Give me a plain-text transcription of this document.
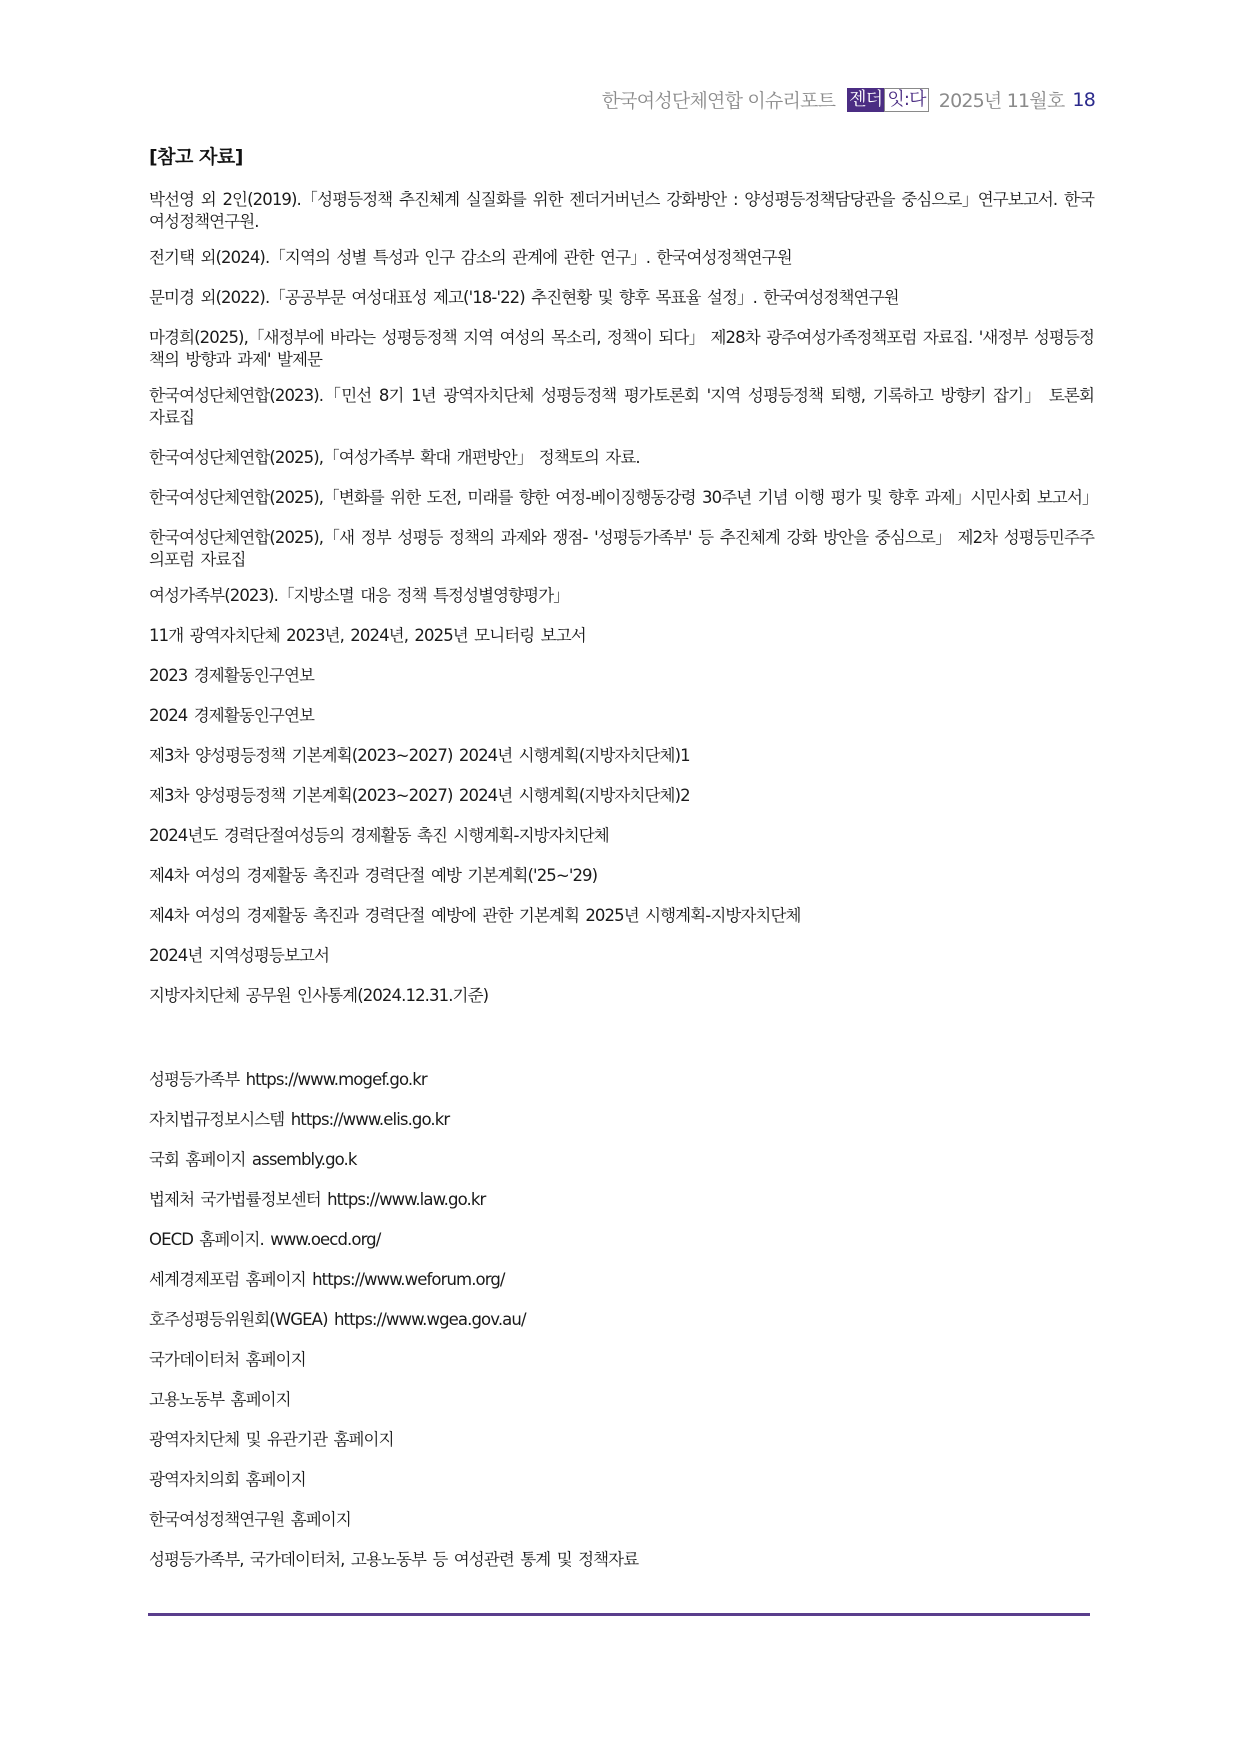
한국여성단체연합 이슈리포트 젠더 잇:다 2025년 11월호 18
[참고 자료]
박선영 외 2인(2019).「성평등정책 추진체계 실질화를 위한 젠더거버넌스 강화방안 : 양성평등정책담당관을 중심으로」연구보고서. 한국여성정책연구원.
전기택 외(2024).「지역의 성별 특성과 인구 감소의 관계에 관한 연구」. 한국여성정책연구원
문미경 외(2022).「공공부문 여성대표성 제고('18-'22) 추진현황 및 향후 목표율 설정」. 한국여성정책연구원
마경희(2025),「새정부에 바라는 성평등정책 지역 여성의 목소리, 정책이 되다」 제28차 광주여성가족정책포럼 자료집. '새정부 성평등정책의 방향과 과제' 발제문
한국여성단체연합(2023).「민선 8기 1년 광역자치단체 성평등정책 평가토론회 '지역 성평등정책 퇴행, 기록하고 방향키 잡기」 토론회 자료집
한국여성단체연합(2025),「여성가족부 확대 개편방안」 정책토의 자료.
한국여성단체연합(2025),「변화를 위한 도전, 미래를 향한 여정-베이징행동강령 30주년 기념 이행 평가 및 향후 과제」시민사회 보고서」
한국여성단체연합(2025),「새 정부 성평등 정책의 과제와 쟁점- '성평등가족부' 등 추진체계 강화 방안을 중심으로」 제2차 성평등민주주의포럼 자료집
여성가족부(2023).「지방소멸 대응 정책 특정성별영향평가」
11개 광역자치단체 2023년, 2024년, 2025년 모니터링 보고서
2023 경제활동인구연보
2024 경제활동인구연보
제3차 양성평등정책 기본계획(2023~2027) 2024년 시행계획(지방자치단체)1
제3차 양성평등정책 기본계획(2023~2027) 2024년 시행계획(지방자치단체)2
2024년도 경력단절여성등의 경제활동 촉진 시행계획-지방자치단체
제4차 여성의 경제활동 촉진과 경력단절 예방 기본계획('25~'29)
제4차 여성의 경제활동 촉진과 경력단절 예방에 관한 기본계획 2025년 시행계획-지방자치단체
2024년 지역성평등보고서
지방자치단체 공무원 인사통계(2024.12.31.기준)
성평등가족부 https://www.mogef.go.kr
자치법규정보시스템 https://www.elis.go.kr
국회 홈페이지 assembly.go.k
법제처 국가법률정보센터 https://www.law.go.kr
OECD 홈페이지. www.oecd.org/
세계경제포럼 홈페이지 https://www.weforum.org/
호주성평등위원회(WGEA) https://www.wgea.gov.au/
국가데이터처 홈페이지
고용노동부 홈페이지
광역자치단체 및 유관기관 홈페이지
광역자치의회 홈페이지
한국여성정책연구원 홈페이지
성평등가족부, 국가데이터처, 고용노동부 등 여성관련 통계 및 정책자료
